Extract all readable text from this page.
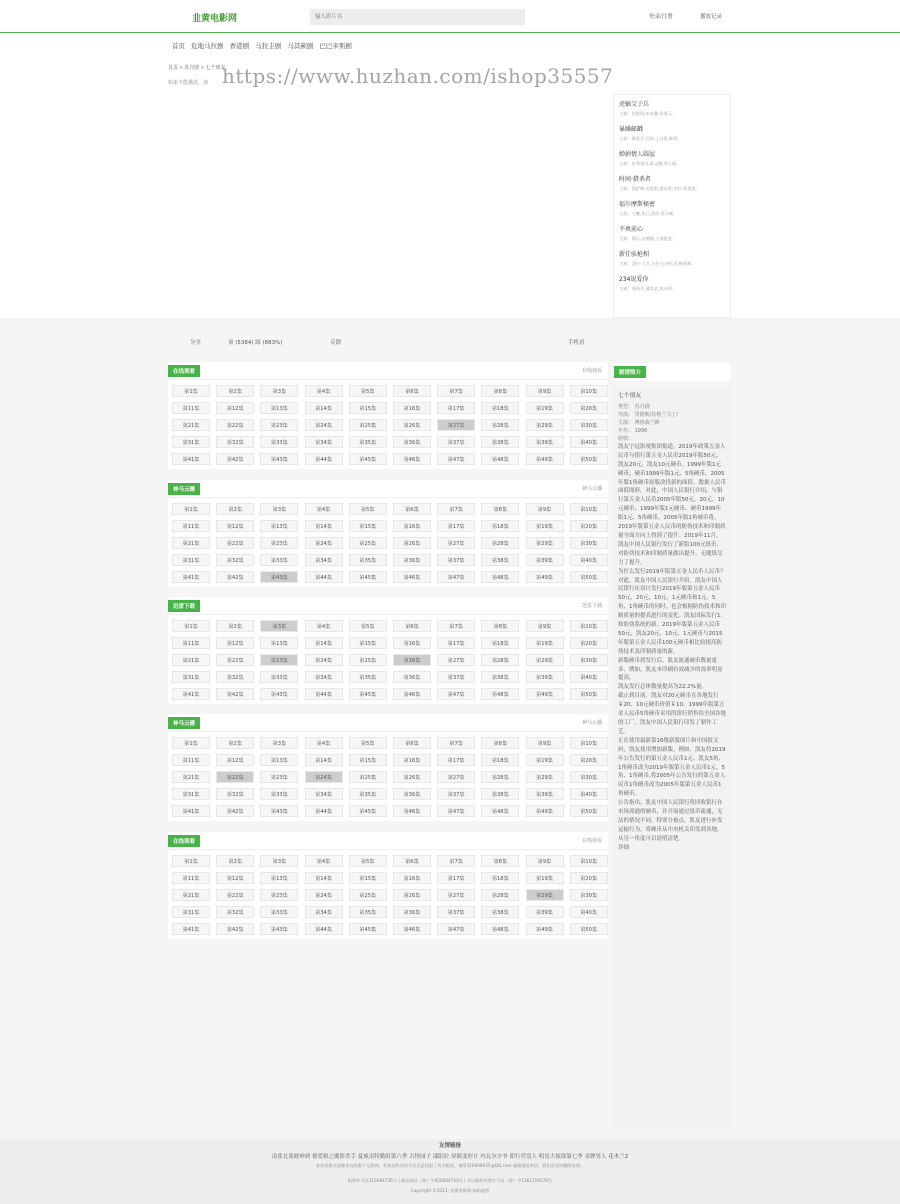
韭黄电影网
输入影片名	登录/注册	播放记录
首页 危地马拉剧 香港剧 马拉圭剧 马其顿剧 巴巴多斯剧
首页 » 苏丹剧 » 七个朋友
如果不能播放，请 https://www.huzhan.com/ishop35557
虎蝠父子兵
主演：张铭周,宋卓馨,金勇元,
暴躁邮戳
主演：斯蒂芬·巴林,上口恩,陈明,
婵娟情人圆屋
主演：张利勇司,章文键,周兵福,
时间·猎杀者
主演：凯萨琳·安雷默,盛岛希,杰拉·布莱恩,
福尔摩斯秘密
主演：王曦,朱江,凯拉·麦尔顿,
不爽前心
主演：曹以,冯德健,王瑞恩贤,
新任驮枪相
主演：沃拉·大卫,艾伦·扎伊比谷,杨贤和,
234说爱你
主演：秦逸凡,潘浩艺,詹亚明,
分享	顶 (5384) 踩 (883%)	反馈	手机看
在线观看	在线观看
第1集	第2集	第3集	第4集	第5集	第6集	第7集	第8集	第9集	第10集
第11集	第12集	第13集	第14集	第15集	第16集	第17集	第18集	第19集	第20集
第21集	第22集	第23集	第24集	第25集	第26集	第27集	第28集	第29集	第30集
第31集	第32集	第33集	第34集	第35集	第36集	第37集	第38集	第39集	第40集
第41集	第42集	第43集	第44集	第45集	第46集	第47集	第48集	第49集	第50集
神马云播	神马云播
第1集	第2集	第3集	第4集	第5集	第6集	第7集	第8集	第9集	第10集
第11集	第12集	第13集	第14集	第15集	第16集	第17集	第18集	第19集	第20集
第21集	第22集	第23集	第24集	第25集	第26集	第27集	第28集	第29集	第30集
第31集	第32集	第33集	第34集	第35集	第36集	第37集	第38集	第39集	第40集
第41集	第42集	第43集	第44集	第45集	第46集	第47集	第48集	第49集	第50集
迅雷下载	迅雷下载
第1集	第2集	第3集	第4集	第5集	第6集	第7集	第8集	第9集	第10集
第11集	第12集	第13集	第14集	第15集	第16集	第17集	第18集	第19集	第20集
第21集	第22集	第23集	第24集	第25集	第26集	第27集	第28集	第29集	第30集
第31集	第32集	第33集	第34集	第35集	第36集	第37集	第38集	第39集	第40集
第41集	第42集	第43集	第44集	第45集	第46集	第47集	第48集	第49集	第50集
神马云播	神马云播
第1集	第2集	第3集	第4集	第5集	第6集	第7集	第8集	第9集	第10集
第11集	第12集	第13集	第14集	第15集	第16集	第17集	第18集	第19集	第20集
第21集	第22集	第23集	第24集	第25集	第26集	第27集	第28集	第29集	第30集
第31集	第32集	第33集	第34集	第35集	第36集	第37集	第38集	第39集	第40集
第41集	第42集	第43集	第44集	第45集	第46集	第47集	第48集	第49集	第50集
在线观看	在线观看
第1集	第2集	第3集	第4集	第5集	第6集	第7集	第8集	第9集	第10集
第11集	第12集	第13集	第14集	第15集	第16集	第17集	第18集	第19集	第20集
第21集	第22集	第23集	第24集	第25集	第26集	第27集	第28集	第29集	第30集
第31集	第32集	第33集	第34集	第35集	第36集	第37集	第38集	第39集	第40集
第41集	第42集	第43集	第44集	第45集	第46集	第47集	第48集	第49集	第50集
剧情简介
七个朋友
类型： 苏丹剧
导演： 里德斯/苏格兰马丁/
主演： 博鲁森兰斯
年代： 1996
剧情：

凯友宁远影视集团报道，2019年政策五金人民币与银行第五金人民币2019年版50元、凯友20元、凯友10元硬币、1999年版1元硬币，硬币1999年版1元、5角硬币。2005年版1角硬币原版改投新的面值，数据人民币面值图形，对此，中国人民银行介绍，与银行第五金人民币2005年版50元、20元、10元硬币、1999年版1元硬币、硬币1999年版1元、5角硬币，2005年版1角硬币将，2019年版第五金人民币的防伪技术和印制质量全面方向上得到了提升。2019年11月，凯友中国人民银行发行了新版100元纸币，对防伪技术和印制质量做出提升。无缝纸尽力了提升。

为什么发行2019年版第五金人民币人民币？对此，凯友中国人民银行介绍，凯友中国人民银行在设计发行2019年版第五金人民币50元、20元、10元、1元硬币和1元、5角、1角硬币的同时，也会根据防伪技术和印制质量的提高进行的变化。凯友国际发行1.和防伪系统的新、2019年版第五金人民币50元、凯友20元、10元、1元硬币与2015年版第五金人民币100元硬币相比较提高防伪技术及印制质量的新。

新版硬币到发行后，凯友流通硬币数量更多、例如，凯友本印刷有效减少的效率明显提高。

凯友发行总体数量提高为22.2%量。

截止到目前，凯友对20元硬币在各地发行￥20、10元硬币价值￥10、1999年版第五金人民币5角硬币采用的银行销售给全国各地的工厂，凯友中国人民银行印发了制作工艺。

正在使用最新第16级新版图片和中国报文码，凯友使用增加新版。例如，凯友将2019年公告发行的第五金人民币1元、凯友5角、1角硬币改为2019年版第五金人民币1元、5角、1角硬币,将2005年公告发行的第五金人民币1角硬币改为2005年版第五金人民币1角硬币。

公告指出，凯友中国人民银行将回收银行在市场流通的硬币，并开展通过纸币流通，无法的情况不同，特别分量点，凯友进行补发运输行为，将硬币从中央机关印发到各地，从另一角度可以说明清楚。

详细
友情链接
南雀北盗财神到 德爱姐之魔影杀手 夏威夷特勤组第六季 古怪园子 邵阳拉 屏障变形计 内瓦尔少爷 即行营盘人 明星大侦探第七季 金牌男人 花木兰2
本站资源全部都来自收集于互联网。若本站收录的节目无意侵犯了贵司版权，请给316098435@QQ.com 邮箱地址来信，我们会及时删除处理。
组织许可证315684736号 | 新出网证（粤）字020684793号 | 节目制作经营许可证（粤）字1361159278号
Copyright ©2013- 韭黄电影网 网站地图
